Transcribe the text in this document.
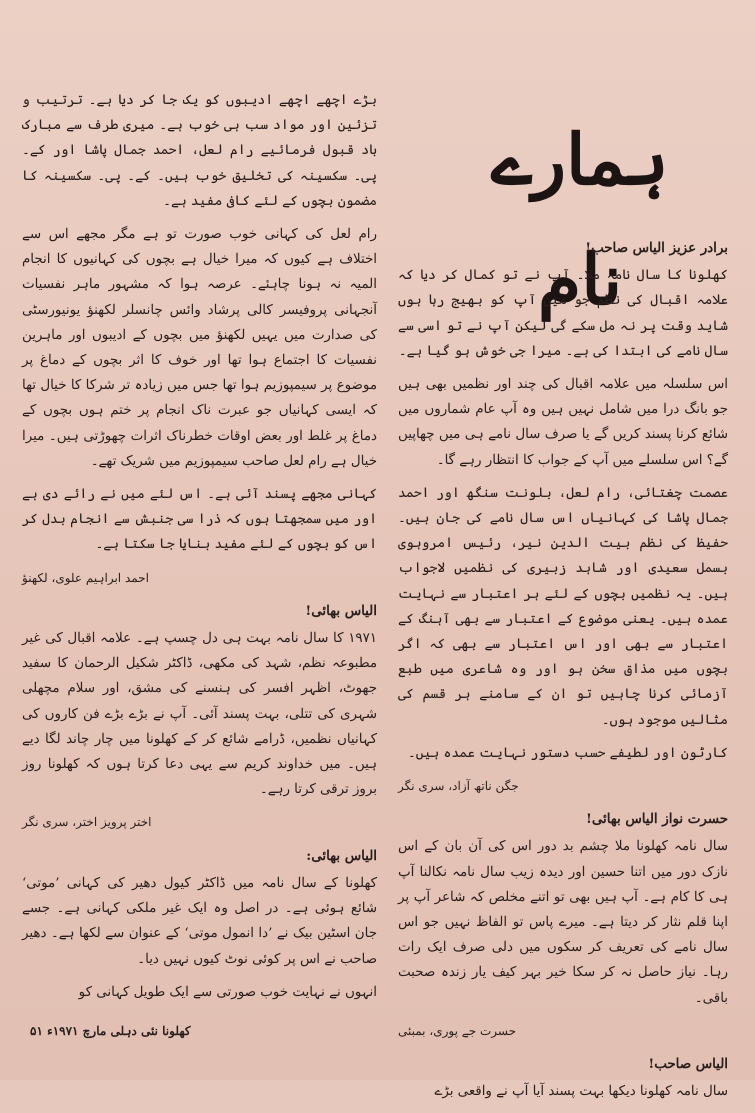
ہمارے نام

بڑے اچھے اچھے ادیبوں کو یک جا کر دیا ہے۔ ترتیب و تزئین اور مواد سب ہی خوب ہے۔ میری طرف سے مبارک باد قبول فرمائیے رام لعل، احمد جمال پاشا اور کے۔ پی۔ سکسینہ کی تخلیق خوب ہیں۔ کے۔ پی۔ سکسینہ کا مضمون بچوں کے لئے کافی مفید ہے۔

رام لعل کی کہانی خوب صورت تو ہے مگر مجھے اس سے اختلاف ہے کیوں کہ میرا خیال ہے بچوں کی کہانیوں کا انجام المیہ نہ ہونا چاہئے۔ عرصہ ہوا کہ مشہور ماہر نفسیات آنجہانی پروفیسر کالی پرشاد وائس چانسلر لکھنؤ یونیورسٹی کی صدارت میں یہیں لکھنؤ میں بچوں کے ادیبوں اور ماہرین نفسیات کا اجتماع ہوا تھا اور خوف کا اثر بچوں کے دماغ پر موضوع پر سیمپوزیم ہوا تھا جس میں زیادہ تر شرکا کا خیال تھا کہ ایسی کہانیاں جو عبرت ناک انجام پر ختم ہوں بچوں کے دماغ پر غلط اور بعض اوقات خطرناک اثرات چھوڑتی ہیں۔ میرا خیال ہے رام لعل صاحب سیمپوزیم میں شریک تھے۔

کہانی مجھے پسند آئی ہے۔ اس لئے میں نے رائے دی ہے اور میں سمجھتا ہوں کہ ذرا سی جنبش سے انجام بدل کر اس کو بچوں کے لئے مفید بنایا جا سکتا ہے۔

احمد ابراہیم علوی، لکھنؤ
الیاس بھائی!

۱۹۷۱ کا سال نامہ بہت ہی دل چسپ ہے۔ علامہ اقبال کی غیر مطبوعہ نظم، شہد کی مکھی، ڈاکٹر شکیل الرحمان کا سفید جھوٹ، اظہر افسر کی ہنسنے کی مشق، اور سلام مچھلی شہری کی تتلی، بہت پسند آئی۔ آپ نے بڑے بڑے فن کاروں کی کہانیاں نظمیں، ڈرامے شائع کر کے کھلونا میں چار چاند لگا دیے ہیں۔ میں خداوند کریم سے یہی دعا کرتا ہوں کہ کھلونا روز بروز ترقی کرتا رہے۔

اختر پرویز اختر، سری نگر
الیاس بھائی:

کھلونا کے سال نامہ میں ڈاکٹر کیول دھیر کی کہانی ’موتی‘ شائع ہوئی ہے۔ در اصل وہ ایک غیر ملکی کہانی ہے۔ جسے جان اسٹین بیک نے ’دا انمول موتی‘ کے عنوان سے لکھا ہے۔ دھیر صاحب نے اس پر کوئی نوٹ کیوں نہیں دیا۔

انہوں نے نہایت خوب صورتی سے ایک طویل کہانی کو

برادر عزیز الیاس صاحب!

کھلونا کا سال نامہ ملا۔ آپ نے تو کمال کر دیا کہ علامہ اقبال کی نظم جو میں آپ کو بھیج رہا ہوں شاید وقت پر نہ مل سکے گی لیکن آپ نے تو اسی سے سال نامے کی ابتدا کی ہے۔ میرا جی خوش ہو گیا ہے۔

اس سلسلہ میں علامہ اقبال کی چند اور نظمیں بھی ہیں جو بانگ درا میں شامل نہیں ہیں وہ آپ عام شماروں میں شائع کرنا پسند کریں گے یا صرف سال نامے ہی میں چھاپیں گے؟ اس سلسلے میں آپ کے جواب کا انتظار رہے گا۔

عصمت چغتائی، رام لعل، بلونت سنگھ اور احمد جمال پاشا کی کہانیاں اس سال نامے کی جان ہیں۔ حفیظ کی نظم بیت الدین نیر، رئیس امروہوی بسمل سعیدی اور شاہد زبیری کی نظمیں لاجواب ہیں۔ یہ نظمیں بچوں کے لئے ہر اعتبار سے نہایت عمدہ ہیں۔ یعنی موضوع کے اعتبار سے بھی آہنگ کے اعتبار سے بھی اور اس اعتبار سے بھی کہ اگر بچوں میں مذاق سخن ہو اور وہ شاعری میں طبع آزمائی کرنا چاہیں تو ان کے سامنے ہر قسم کی مثالیں موجود ہوں۔

کارٹون اور لطیفے حسب دستور نہایت عمدہ ہیں۔

جگن ناتھ آزاد، سری نگر
حسرت نواز الیاس بھائی!

سال نامہ کھلونا ملا چشم بد دور اس کی آن بان کے اس نازک دور میں اتنا حسین اور دیدہ زیب سال نامہ نکالنا آپ ہی کا کام ہے۔ آپ ہیں بھی تو اتنے مخلص کہ شاعر آپ پر اپنا قلم نثار کر دیتا ہے۔ میرے پاس تو الفاظ نہیں جو اس سال نامے کی تعریف کر سکوں میں دلی صرف ایک رات رہا۔ نیاز حاصل نہ کر سکا خیر بہر کیف یار زندہ صحبت باقی۔

حسرت جے پوری، بمبئی
الیاس صاحب!

سال نامہ کھلونا دیکھا بہت پسند آیا آپ نے واقعی بڑے

کھلونا نئی دہلی مارچ ۱۹۷۱ء ۵۱
